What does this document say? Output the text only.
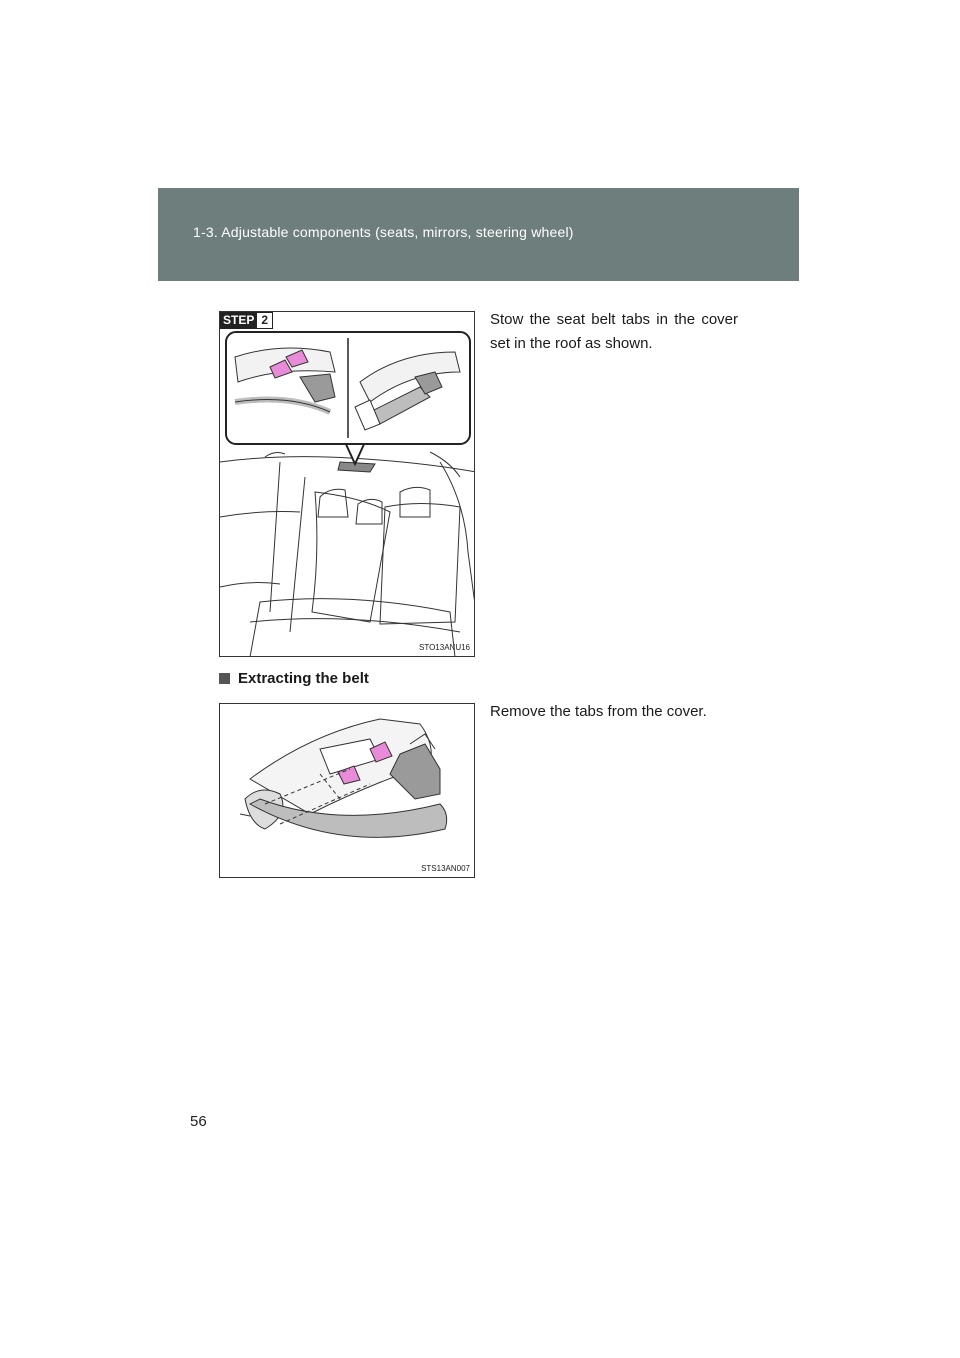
1-3. Adjustable components (seats, mirrors, steering wheel)
STEP 2
STO13ANU16
Stow the seat belt tabs in the cover set in the roof as shown.
Extracting the belt
STS13AN007
Remove the tabs from the cover.
56
